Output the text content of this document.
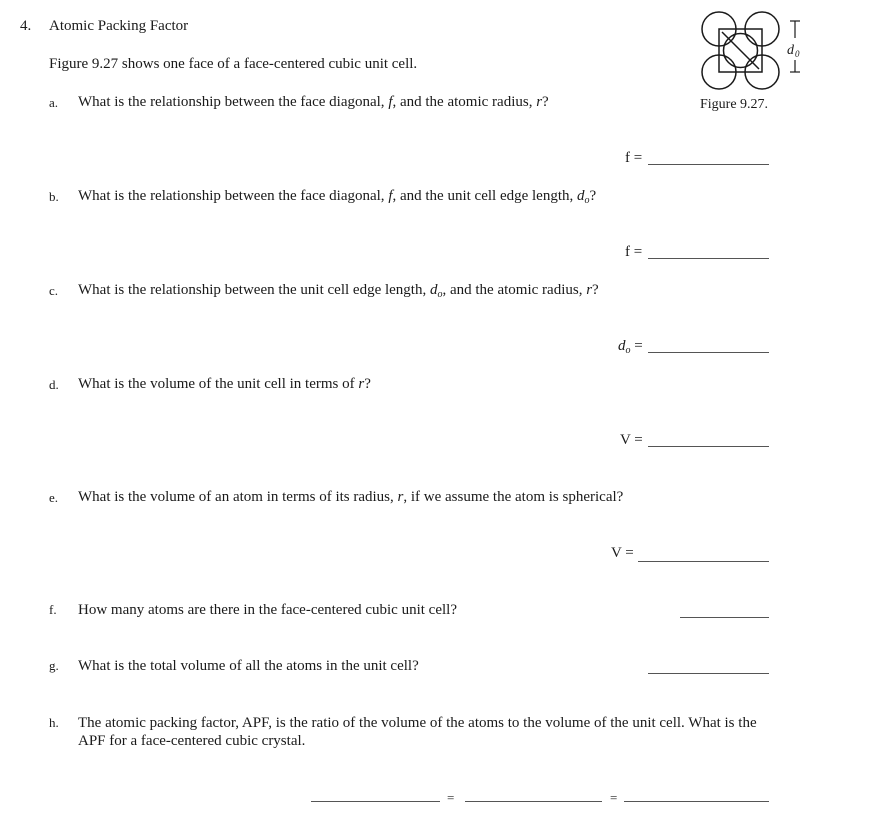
4. Atomic Packing Factor
Figure 9.27 shows one face of a face-centered cubic unit cell.
d 0
Figure 9.27.
a. What is the relationship between the face diagonal, f, and the atomic radius, r?
f =
b. What is the relationship between the face diagonal, f, and the unit cell edge length, $d_o$?
f =
c. What is the relationship between the unit cell edge length, $d_o$, and the atomic radius, r?
$d_o$ =
d. What is the volume of the unit cell in terms of r?
V =
e. What is the volume of an atom in terms of its radius, r, if we assume the atom is spherical?
V =
f. How many atoms are there in the face-centered cubic unit cell?
g. What is the total volume of all the atoms in the unit cell?
h. The atomic packing factor, APF, is the ratio of the volume of the atoms to the volume of the unit cell. What is the APF for a face-centered cubic crystal.
=	=
